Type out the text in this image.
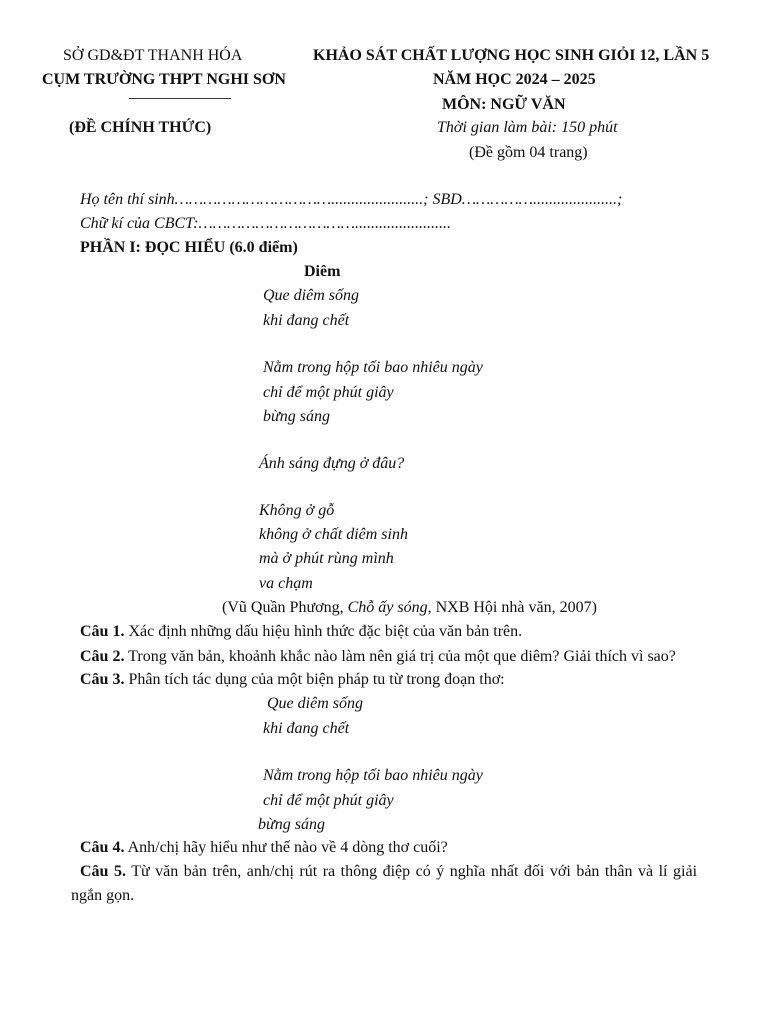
SỞ GD&ĐT THANH HÓA
CỤM TRƯỜNG THPT NGHI SƠN
(ĐỀ CHÍNH THỨC)
KHẢO SÁT CHẤT LƯỢNG HỌC SINH GIỎI 12, LẦN 5
NĂM HỌC 2024 – 2025
MÔN: NGỮ VĂN
Thời gian làm bài: 150 phút
(Đề gồm 04 trang)
Họ tên thí sinh…………………………….......................; SBD…………….....................;
Chữ kí của CBCT:……………………………........................
PHẦN I: ĐỌC HIỂU (6.0 điểm)
Diêm
Que diêm sống
khi đang chết
Nằm trong hộp tối bao nhiêu ngày
chỉ để một phút giây
bừng sáng
Ánh sáng đựng ở đâu?
Không ở gỗ
không ở chất diêm sinh
mà ở phút rùng mình
va chạm
(Vũ Quần Phương, Chỗ ấy sóng, NXB Hội nhà văn, 2007)
Câu 1. Xác định những dấu hiệu hình thức đặc biệt của văn bản trên.
Câu 2. Trong văn bản, khoảnh khắc nào làm nên giá trị của một que diêm? Giải thích vì sao?
Câu 3. Phân tích tác dụng của một biện pháp tu từ trong đoạn thơ:
Que diêm sống
khi đang chết
Nằm trong hộp tối bao nhiêu ngày
chỉ để một phút giây
bừng sáng
Câu 4. Anh/chị hãy hiểu như thế nào về 4 dòng thơ cuối?
Câu 5. Từ văn bản trên, anh/chị rút ra thông điệp có ý nghĩa nhất đối với bản thân và lí giải ngắn gọn.
